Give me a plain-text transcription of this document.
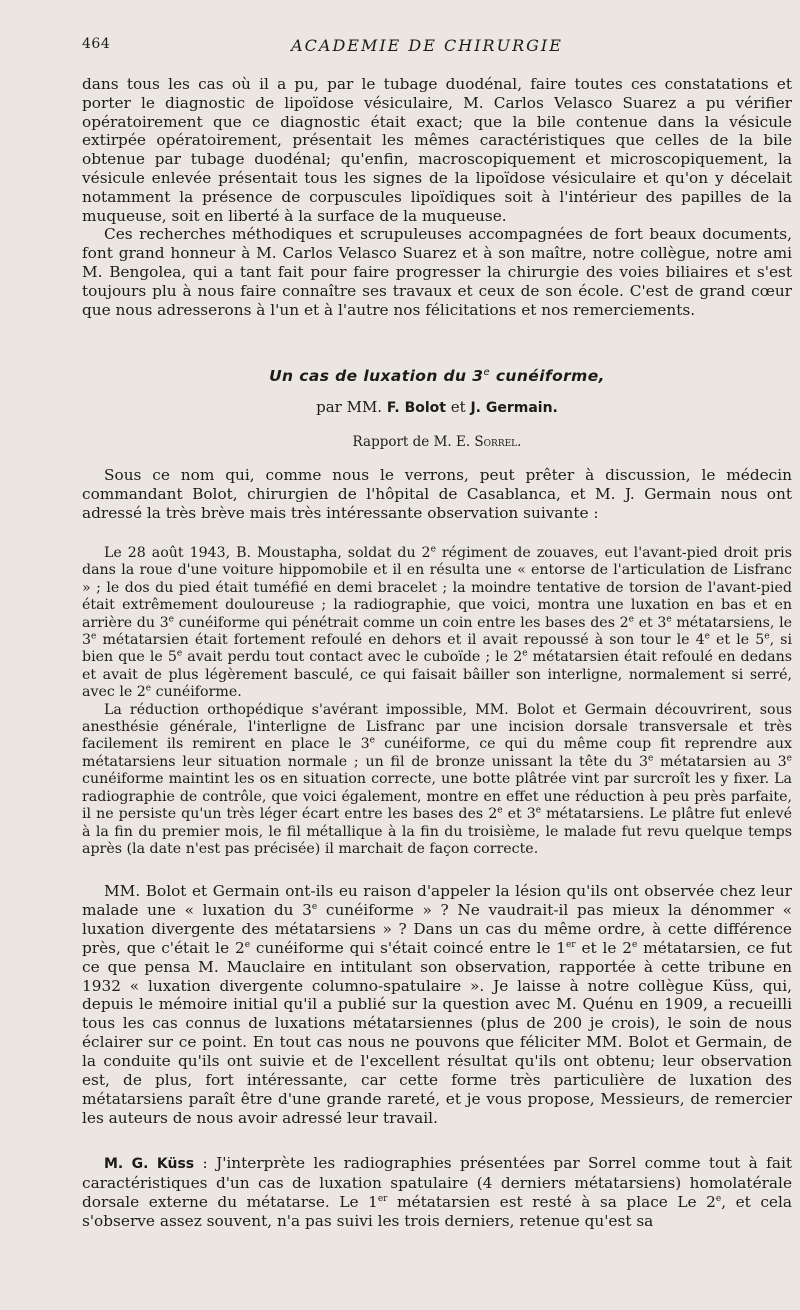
464	ACADEMIE DE CHIRURGIE

dans tous les cas où il a pu, par le tubage duodénal, faire toutes ces constatations et porter le diagnostic de lipoïdose vésiculaire, M. Carlos Velasco Suarez a pu vérifier opératoirement que ce diagnostic était exact; que la bile contenue dans la vésicule extirpée opératoirement, présentait les mêmes caractéristiques que celles de la bile obtenue par tubage duodénal; qu'enfin, macroscopiquement et microscopiquement, la vésicule enlevée présentait tous les signes de la lipoïdose vésiculaire et qu'on y décelait notamment la présence de corpuscules lipoïdiques soit à l'intérieur des papilles de la muqueuse, soit en liberté à la surface de la muqueuse.

Ces recherches méthodiques et scrupuleuses accompagnées de fort beaux documents, font grand honneur à M. Carlos Velasco Suarez et à son maître, notre collègue, notre ami M. Bengolea, qui a tant fait pour faire progresser la chirurgie des voies biliaires et s'est toujours plu à nous faire connaître ses travaux et ceux de son école. C'est de grand cœur que nous adresserons à l'un et à l'autre nos félicitations et nos remerciements.

Un cas de luxation du 3e cunéiforme,
par MM. F. Bolot et J. Germain.
Rapport de M. E. Sorrel.

Sous ce nom qui, comme nous le verrons, peut prêter à discussion, le médecin commandant Bolot, chirurgien de l'hôpital de Casablanca, et M. J. Germain nous ont adressé la très brève mais très intéressante observation suivante :

Le 28 août 1943, B. Moustapha, soldat du 2e régiment de zouaves, eut l'avant-pied droit pris dans la roue d'une voiture hippomobile et il en résulta une « entorse de l'articulation de Lisfranc » ; le dos du pied était tuméfié en demi bracelet ; la moindre tentative de torsion de l'avant-pied était extrêmement douloureuse ; la radiographie, que voici, montra une luxation en bas et en arrière du 3e cunéiforme qui pénétrait comme un coin entre les bases des 2e et 3e métatarsiens, le 3e métatarsien était fortement refoulé en dehors et il avait repoussé à son tour le 4e et le 5e, si bien que le 5e avait perdu tout contact avec le cuboïde ; le 2e métatarsien était refoulé en dedans et avait de plus légèrement basculé, ce qui faisait bâiller son interligne, normalement si serré, avec le 2e cunéiforme.

La réduction orthopédique s'avérant impossible, MM. Bolot et Germain découvrirent, sous anesthésie générale, l'interligne de Lisfranc par une incision dorsale transversale et très facilement ils remirent en place le 3e cunéiforme, ce qui du même coup fit reprendre aux métatarsiens leur situation normale ; un fil de bronze unissant la tête du 3e métatarsien au 3e cunéiforme maintint les os en situation correcte, une botte plâtrée vint par surcroît les y fixer. La radiographie de contrôle, que voici également, montre en effet une réduction à peu près parfaite, il ne persiste qu'un très léger écart entre les bases des 2e et 3e métatarsiens. Le plâtre fut enlevé à la fin du premier mois, le fil métallique à la fin du troisième, le malade fut revu quelque temps après (la date n'est pas précisée) il marchait de façon correcte.

MM. Bolot et Germain ont-ils eu raison d'appeler la lésion qu'ils ont observée chez leur malade une « luxation du 3e cunéiforme » ? Ne vaudrait-il pas mieux la dénommer « luxation divergente des métatarsiens » ? Dans un cas du même ordre, à cette différence près, que c'était le 2e cunéiforme qui s'était coincé entre le 1er et le 2e métatarsien, ce fut ce que pensa M. Mauclaire en intitulant son observation, rapportée à cette tribune en 1932 « luxation divergente columno-spatulaire ». Je laisse à notre collègue Küss, qui, depuis le mémoire initial qu'il a publié sur la question avec M. Quénu en 1909, a recueilli tous les cas connus de luxations métatarsiennes (plus de 200 je crois), le soin de nous éclairer sur ce point. En tout cas nous ne pouvons que féliciter MM. Bolot et Germain, de la conduite qu'ils ont suivie et de l'excellent résultat qu'ils ont obtenu; leur observation est, de plus, fort intéressante, car cette forme très particulière de luxation des métatarsiens paraît être d'une grande rareté, et je vous propose, Messieurs, de remercier les auteurs de nous avoir adressé leur travail.

M. G. Küss : J'interprète les radiographies présentées par Sorrel comme tout à fait caractéristiques d'un cas de luxation spatulaire (4 derniers métatarsiens) homolatérale dorsale externe du métatarse. Le 1er métatarsien est resté à sa place Le 2e, et cela s'observe assez souvent, n'a pas suivi les trois derniers, retenue qu'est sa
